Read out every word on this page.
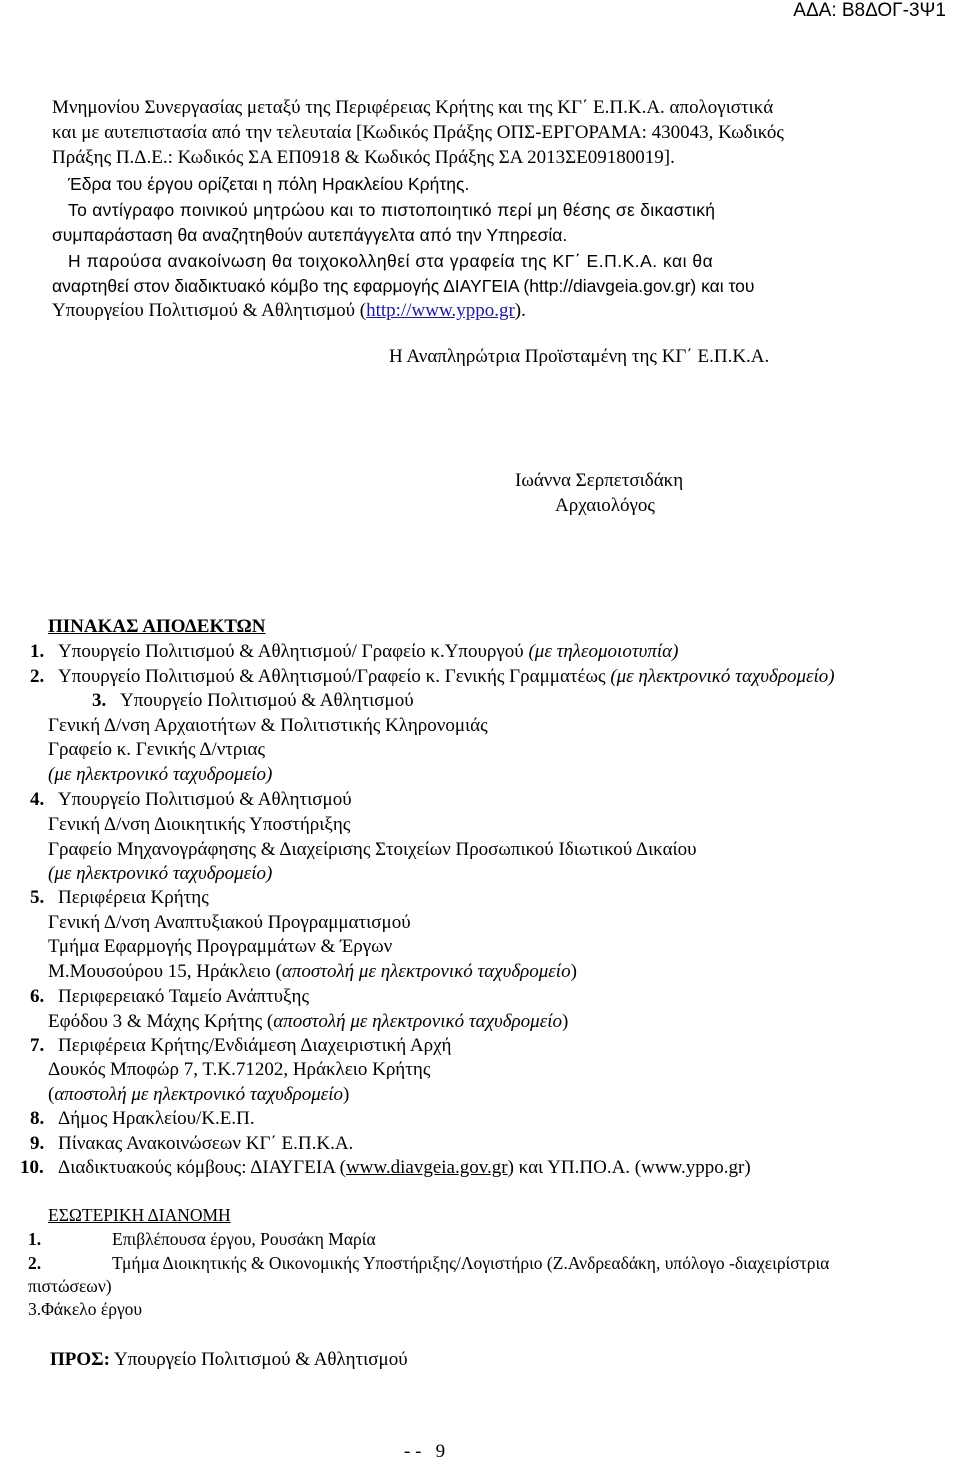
ΑΔΑ: Β8ΔΟΓ-3Ψ1
Μνημονίου Συνεργασίας μεταξύ της Περιφέρειας Κρήτης και της ΚΓ΄ Ε.Π.Κ.Α. απολογιστικά
και με αυτεπιστασία από την τελευταία [Κωδικός Πράξης ΟΠΣ-ΕΡΓΟΡΑΜΑ: 430043, Κωδικός
Πράξης Π.Δ.Ε.: Κωδικός ΣΑ ΕΠ0918 & Κωδικός Πράξης ΣΑ 2013ΣΕ09180019].
Έδρα του έργου ορίζεται η πόλη Ηρακλείου Κρήτης.
Το αντίγραφο ποινικού μητρώου και το πιστοποιητικό περί μη θέσης σε δικαστική
συμπαράσταση θα αναζητηθούν αυτεπάγγελτα από την Υπηρεσία.
Η παρούσα ανακοίνωση θα τοιχοκολληθεί στα γραφεία της ΚΓ΄ Ε.Π.Κ.Α. και θα
αναρτηθεί στον διαδικτυακό κόμβο της εφαρμογής ΔΙΑΥΓΕΙΑ (http://diavgeia.gov.gr) και του
Υπουργείου Πολιτισμού & Αθλητισμού (http://www.yppo.gr).
Η Αναπληρώτρια Προϊσταμένη της ΚΓ΄ Ε.Π.Κ.Α.
Ιωάννα Σερπετσιδάκη
Αρχαιολόγος
ΠΙΝΑΚΑΣ ΑΠΟΔΕΚΤΩΝ
1. Υπουργείο Πολιτισμού & Αθλητισμού/ Γραφείο κ.Υπουργού (με τηλεομοιοτυπία)
2. Υπουργείο Πολιτισμού & Αθλητισμού/Γραφείο κ. Γενικής Γραμματέως (με ηλεκτρονικό ταχυδρομείο)
3. Υπουργείο Πολιτισμού & Αθλητισμού
Γενική Δ/νση Αρχαιοτήτων & Πολιτιστικής Κληρονομιάς
Γραφείο κ. Γενικής Δ/ντριας
(με ηλεκτρονικό ταχυδρομείο)
4. Υπουργείο Πολιτισμού & Αθλητισμού
Γενική Δ/νση Διοικητικής Υποστήριξης
Γραφείο Μηχανογράφησης & Διαχείρισης Στοιχείων Προσωπικού Ιδιωτικού Δικαίου
(με ηλεκτρονικό ταχυδρομείο)
5. Περιφέρεια Κρήτης
Γενική Δ/νση Αναπτυξιακού Προγραμματισμού
Τμήμα Εφαρμογής Προγραμμάτων & Έργων
Μ.Μουσούρου 15, Ηράκλειο (αποστολή με ηλεκτρονικό ταχυδρομείο)
6. Περιφερειακό Ταμείο Ανάπτυξης
Εφόδου 3 & Μάχης Κρήτης (αποστολή με ηλεκτρονικό ταχυδρομείο)
7. Περιφέρεια Κρήτης/Ενδιάμεση Διαχειριστική Αρχή
Δουκός Μποφώρ 7, Τ.Κ.71202, Ηράκλειο Κρήτης
(αποστολή με ηλεκτρονικό ταχυδρομείο)
8. Δήμος Ηρακλείου/Κ.Ε.Π.
9. Πίνακας Ανακοινώσεων ΚΓ΄ Ε.Π.Κ.Α.
10. Διαδικτυακούς κόμβους: ΔΙΑΥΓΕΙΑ (www.diavgeia.gov.gr) και ΥΠ.ΠΟ.Α. (www.yppo.gr)
ΕΣΩΤΕΡΙΚΗ ΔΙΑΝΟΜΗ
1.	Επιβλέπουσα έργου, Ρουσάκη Μαρία
2.	Τμήμα Διοικητικής & Οικονομικής Υποστήριξης/Λογιστήριο (Ζ.Ανδρεαδάκη, υπόλογο -διαχειρίστρια
πιστώσεων)
3.Φάκελο έργου
ΠΡΟΣ: Υπουργείο Πολιτισμού & Αθλητισμού
- -   9
